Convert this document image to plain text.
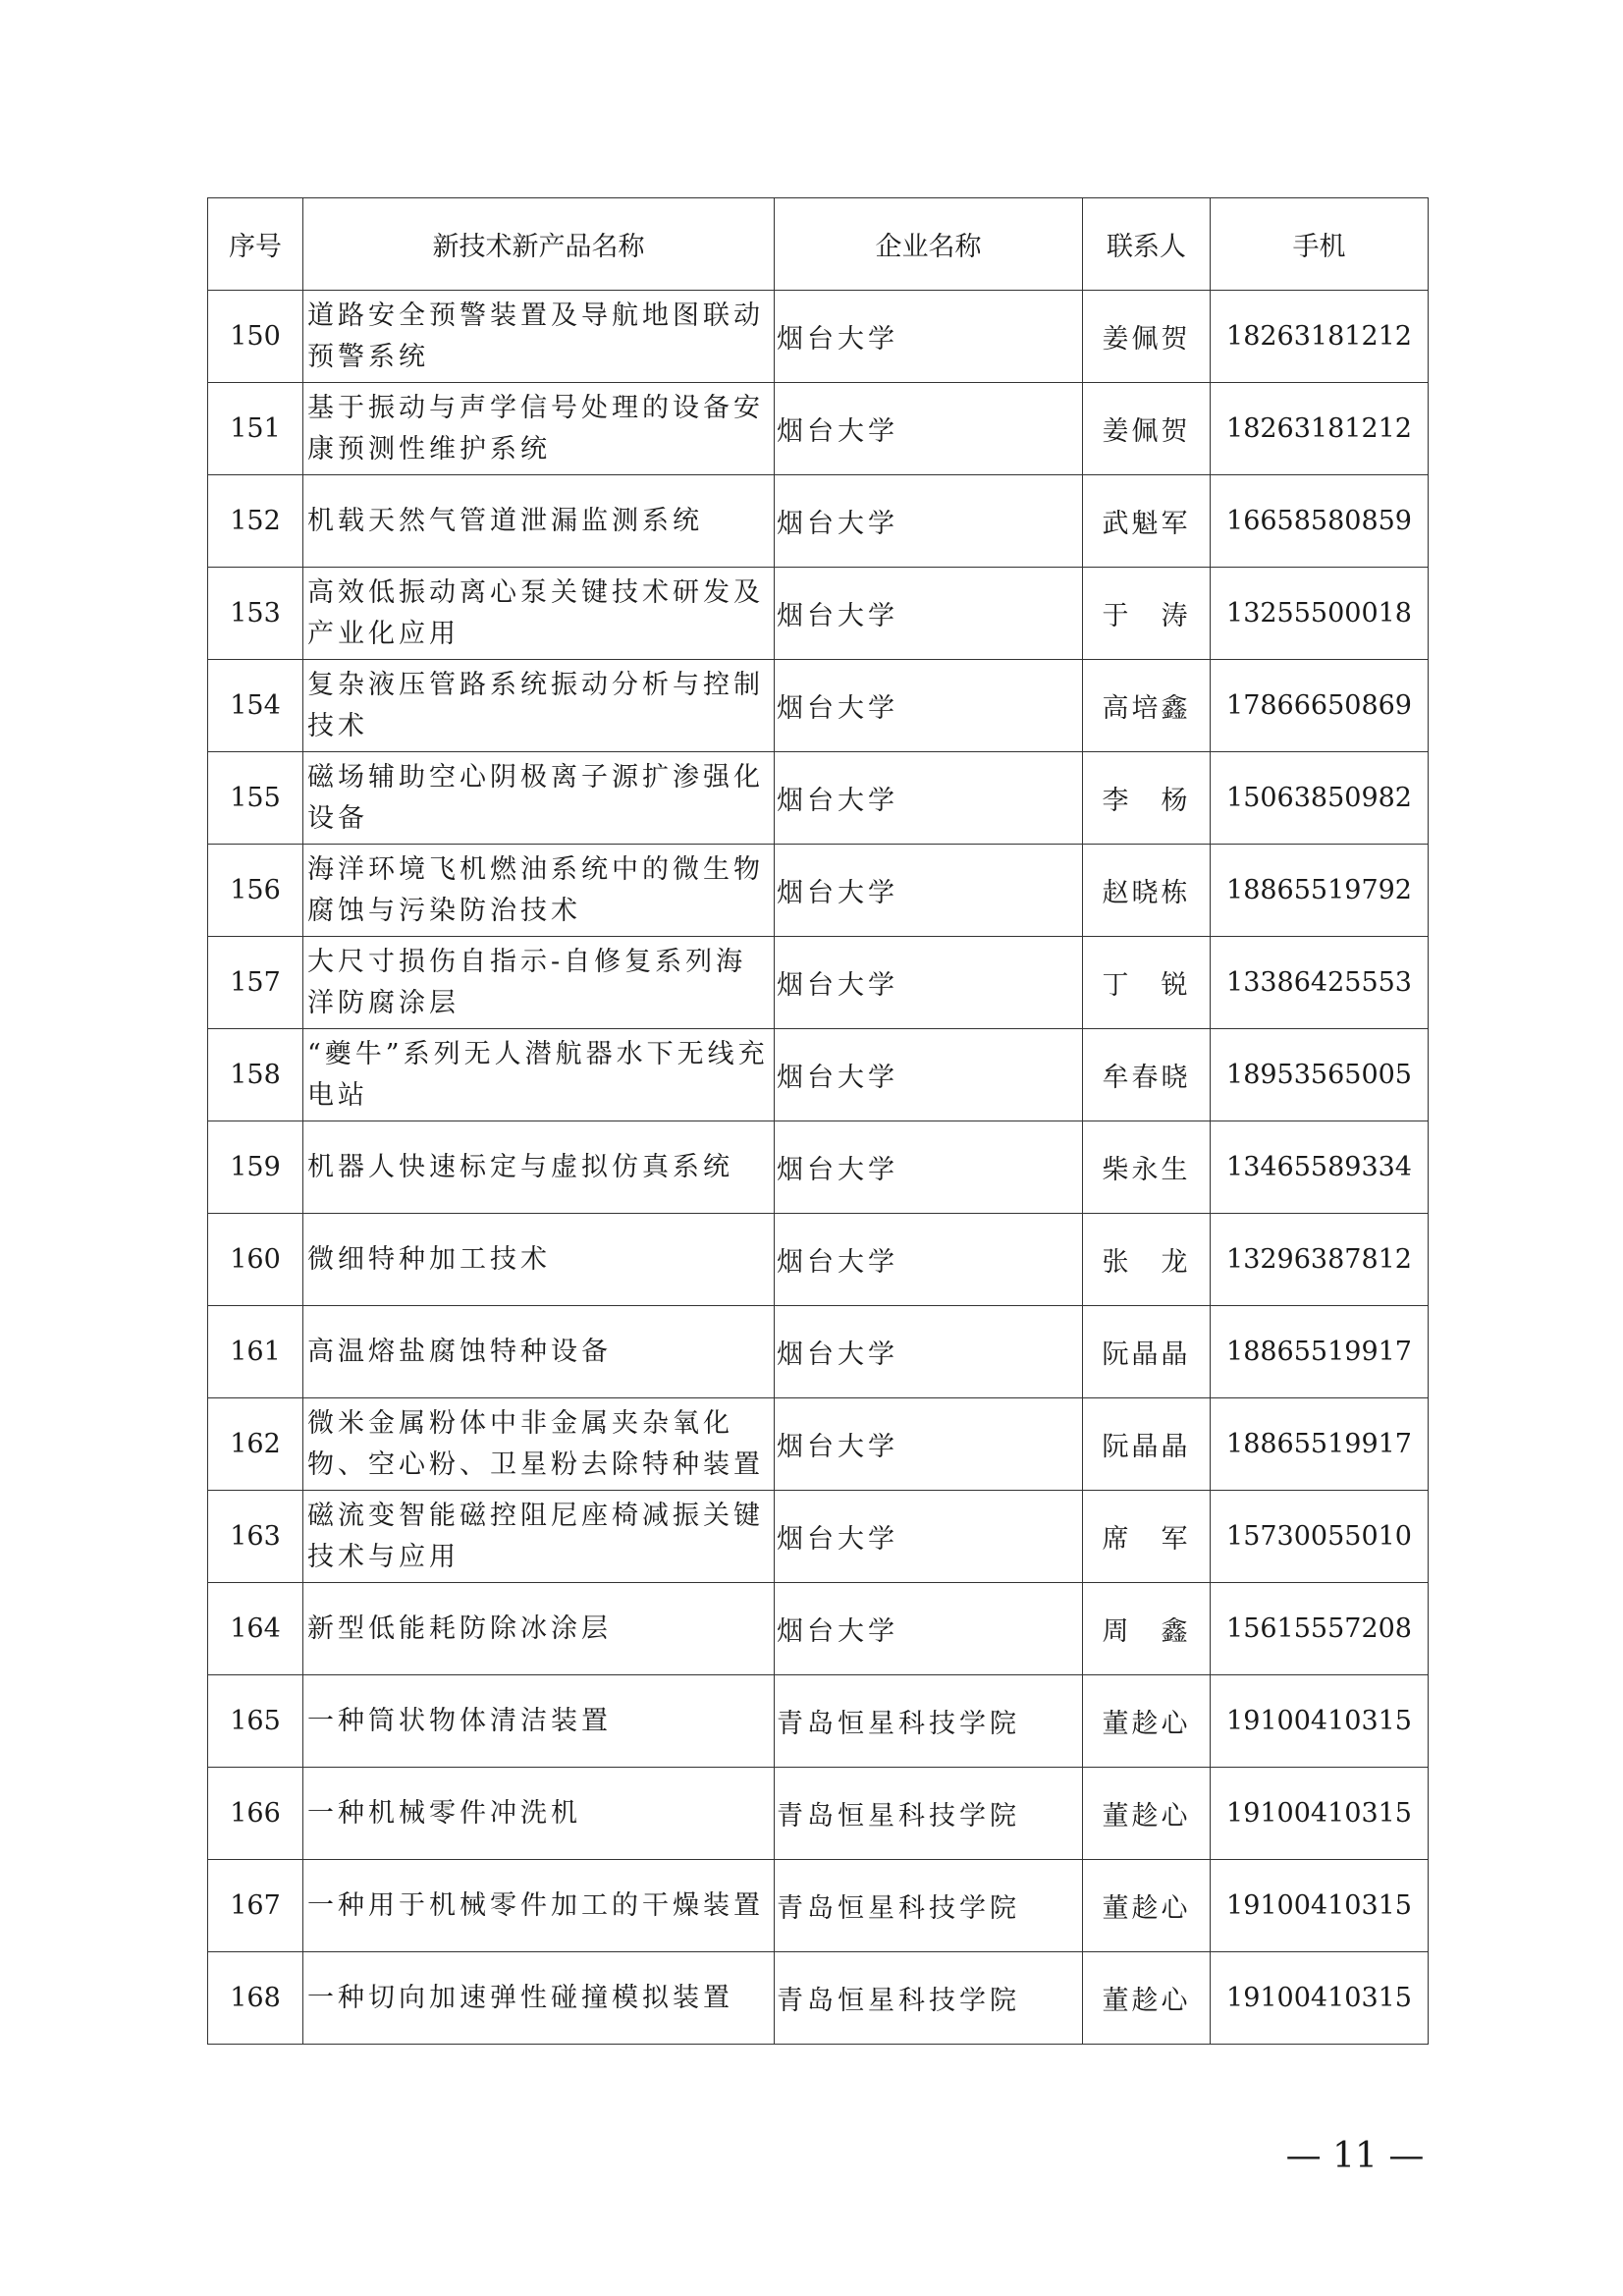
序号	新技术新产品名称	企业名称	联系人	手机
150	道路安全预警装置及导航地图联动预警系统	烟台大学	姜佩贺	18263181212
151	基于振动与声学信号处理的设备安康预测性维护系统	烟台大学	姜佩贺	18263181212
152	机载天然气管道泄漏监测系统	烟台大学	武魁军	16658580859
153	高效低振动离心泵关键技术研发及产业化应用	烟台大学	于　涛	13255500018
154	复杂液压管路系统振动分析与控制技术	烟台大学	高培鑫	17866650869
155	磁场辅助空心阴极离子源扩渗强化设备	烟台大学	李　杨	15063850982
156	海洋环境飞机燃油系统中的微生物腐蚀与污染防治技术	烟台大学	赵晓栋	18865519792
157	大尺寸损伤自指示-自修复系列海洋防腐涂层	烟台大学	丁　锐	13386425553
158	“夔牛”系列无人潜航器水下无线充电站	烟台大学	牟春晓	18953565005
159	机器人快速标定与虚拟仿真系统	烟台大学	柴永生	13465589334
160	微细特种加工技术	烟台大学	张　龙	13296387812
161	高温熔盐腐蚀特种设备	烟台大学	阮晶晶	18865519917
162	微米金属粉体中非金属夹杂氧化物、空心粉、卫星粉去除特种装置	烟台大学	阮晶晶	18865519917
163	磁流变智能磁控阻尼座椅减振关键技术与应用	烟台大学	席　军	15730055010
164	新型低能耗防除冰涂层	烟台大学	周　鑫	15615557208
165	一种筒状物体清洁装置	青岛恒星科技学院	董趁心	19100410315
166	一种机械零件冲洗机	青岛恒星科技学院	董趁心	19100410315
167	一种用于机械零件加工的干燥装置	青岛恒星科技学院	董趁心	19100410315
168	一种切向加速弹性碰撞模拟装置	青岛恒星科技学院	董趁心	19100410315
— 11 —
